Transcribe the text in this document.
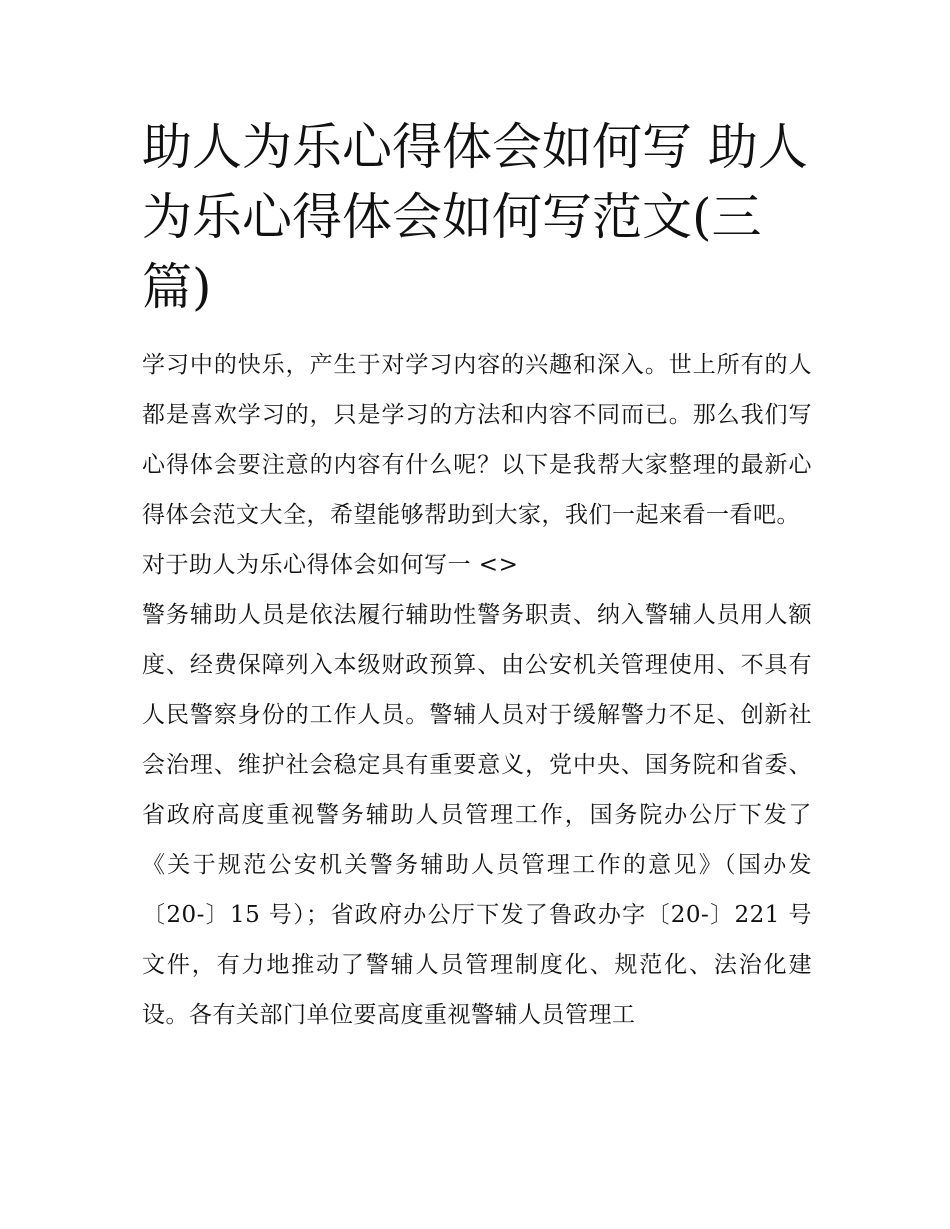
助人为乐心得体会如何写 助人为乐心得体会如何写范文(三篇)

学习中的快乐，产生于对学习内容的兴趣和深入。世上所有的人都是喜欢学习的，只是学习的方法和内容不同而已。那么我们写心得体会要注意的内容有什么呢？以下是我帮大家整理的最新心得体会范文大全，希望能够帮助到大家，我们一起来看一看吧。

对于助人为乐心得体会如何写一 <>

警务辅助人员是依法履行辅助性警务职责、纳入警辅人员用人额度、经费保障列入本级财政预算、由公安机关管理使用、不具有人民警察身份的工作人员。警辅人员对于缓解警力不足、创新社会治理、维护社会稳定具有重要意义，党中央、国务院和省委、省政府高度重视警务辅助人员管理工作，国务院办公厅下发了《关于规范公安机关警务辅助人员管理工作的意见》（国办发〔20-〕15 号）；省政府办公厅下发了鲁政办字〔20-〕221 号文件，有力地推动了警辅人员管理制度化、规范化、法治化建设。各有关部门单位要高度重视警辅人员管理工
